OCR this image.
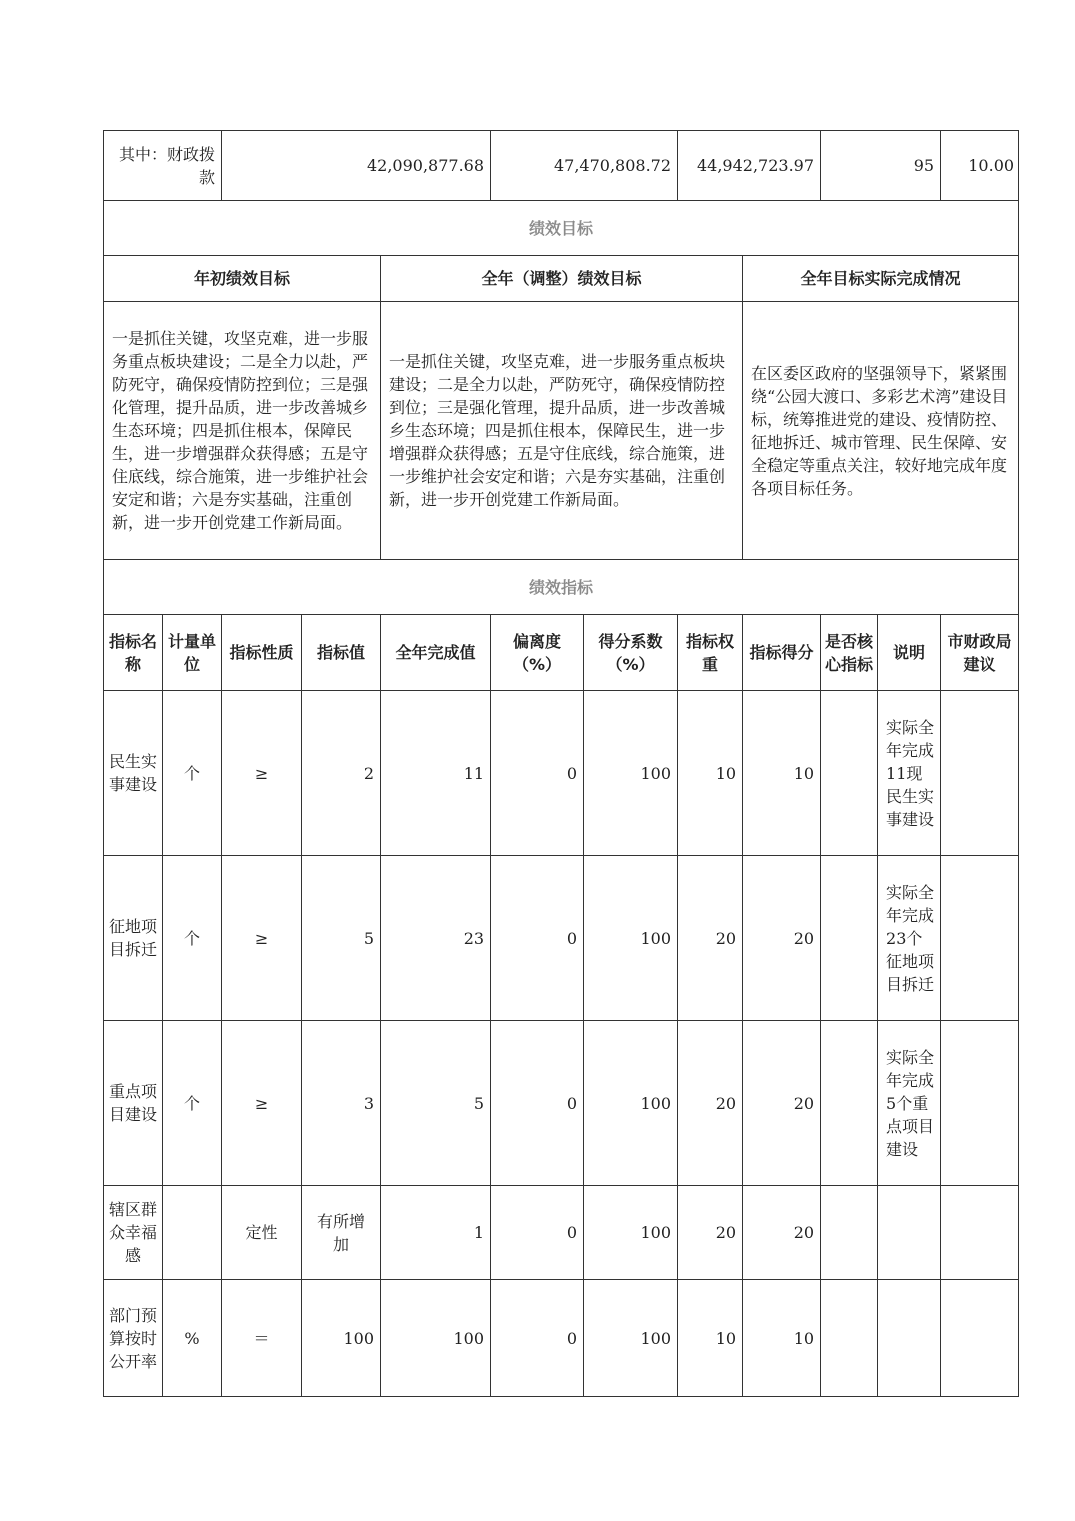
其中：财政拨款		42,090,877.68			47,470,808.72		44,942,723.97		95		10.00	
绩效目标												
年初绩效目标				全年（调整）绩效目标				全年目标实际完成情况				
一是抓住关键，攻坚克难，进一步服务重点板块建设；二是全力以赴，严防死守，确保疫情防控到位；三是强化管理，提升品质，进一步改善城乡生态环境；四是抓住根本，保障民生，进一步增强群众获得感；五是守住底线，综合施策，进一步维护社会安定和谐；六是夯实基础，注重创新，进一步开创党建工作新局面。				一是抓住关键，攻坚克难，进一步服务重点板块建设；二是全力以赴，严防死守，确保疫情防控到位；三是强化管理，提升品质，进一步改善城乡生态环境；四是抓住根本，保障民生，进一步增强群众获得感；五是守住底线，综合施策，进一步维护社会安定和谐；六是夯实基础，注重创新，进一步开创党建工作新局面。				在区委区政府的坚强领导下，紧紧围绕“公园大渡口、多彩艺术湾”建设目标，统筹推进党的建设、疫情防控、征地拆迁、城市管理、民生保障、安全稳定等重点关注，较好地完成年度各项目标任务。				
绩效指标												
指标名称	计量单位	指标性质	指标值	全年完成值	偏离度（%）	得分系数（%）	指标权重	指标得分	是否核心指标	说明	市财政局建议	
民生实事建设	个	≥	2	11	0	100	10	10		实际全年完成11现民生实事建设		
征地项目拆迁	个	≥	5	23	0	100	20	20		实际全年完成23个征地项目拆迁		
重点项目建设	个	≥	3	5	0	100	20	20		实际全年完成5个重点项目建设		
辖区群众幸福感		定性	有所增加	1	0	100	20	20				
部门预算按时公开率	%	＝	100	100	0	100	10	10				
